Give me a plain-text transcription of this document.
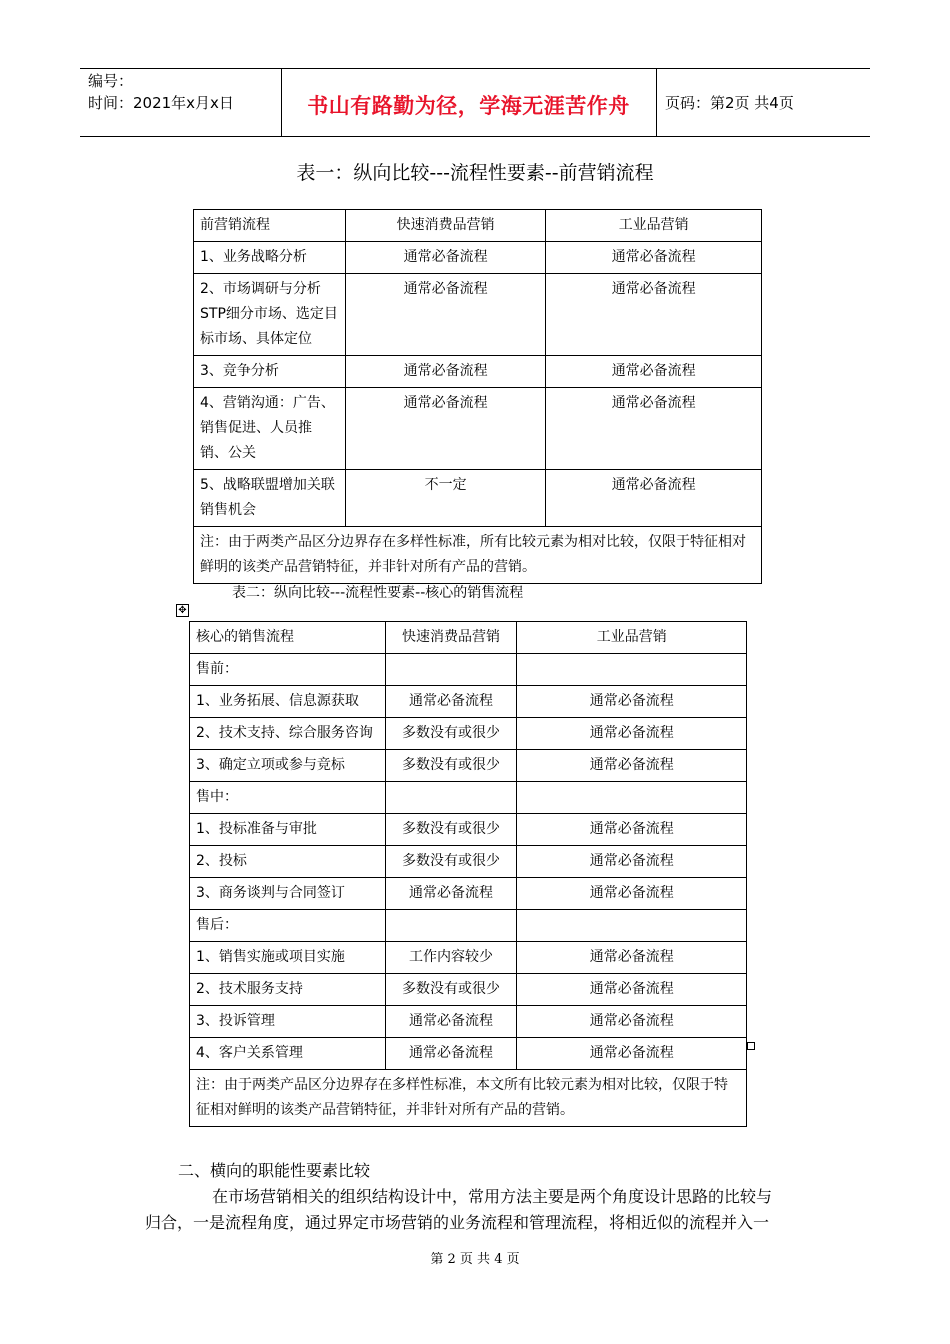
编号：
时间：2021年x月x日	书山有路勤为径，学海无涯苦作舟	页码：第2页 共4页
表一：纵向比较---流程性要素--前营销流程
前营销流程	快速消费品营销	工业品营销
1、业务战略分析	通常必备流程	通常必备流程
2、市场调研与分析STP细分市场、选定目标市场、具体定位	通常必备流程	通常必备流程
3、竞争分析	通常必备流程	通常必备流程
4、营销沟通：广告、销售促进、人员推销、公关	通常必备流程	通常必备流程
5、战略联盟增加关联销售机会	不一定	通常必备流程
注：由于两类产品区分边界存在多样性标准，所有比较元素为相对比较，仅限于特征相对鲜明的该类产品营销特征，并非针对所有产品的营销。		
表二：纵向比较---流程性要素--核心的销售流程
✥
核心的销售流程	快速消费品营销	工业品营销
售前：		
1、业务拓展、信息源获取	通常必备流程	通常必备流程
2、技术支持、综合服务咨询	多数没有或很少	通常必备流程
3、确定立项或参与竞标	多数没有或很少	通常必备流程
售中：		
1、投标准备与审批	多数没有或很少	通常必备流程
2、投标	多数没有或很少	通常必备流程
3、商务谈判与合同签订	通常必备流程	通常必备流程
售后：		
1、销售实施或项目实施	工作内容较少	通常必备流程
2、技术服务支持	多数没有或很少	通常必备流程
3、投诉管理	通常必备流程	通常必备流程
4、客户关系管理	通常必备流程	通常必备流程
注：由于两类产品区分边界存在多样性标准，本文所有比较元素为相对比较，仅限于特征相对鲜明的该类产品营销特征，并非针对所有产品的营销。		
二、横向的职能性要素比较
在市场营销相关的组织结构设计中，常用方法主要是两个角度设计思路的比较与
归合，一是流程角度，通过界定市场营销的业务流程和管理流程，将相近似的流程并入一
第 2 页 共 4 页
